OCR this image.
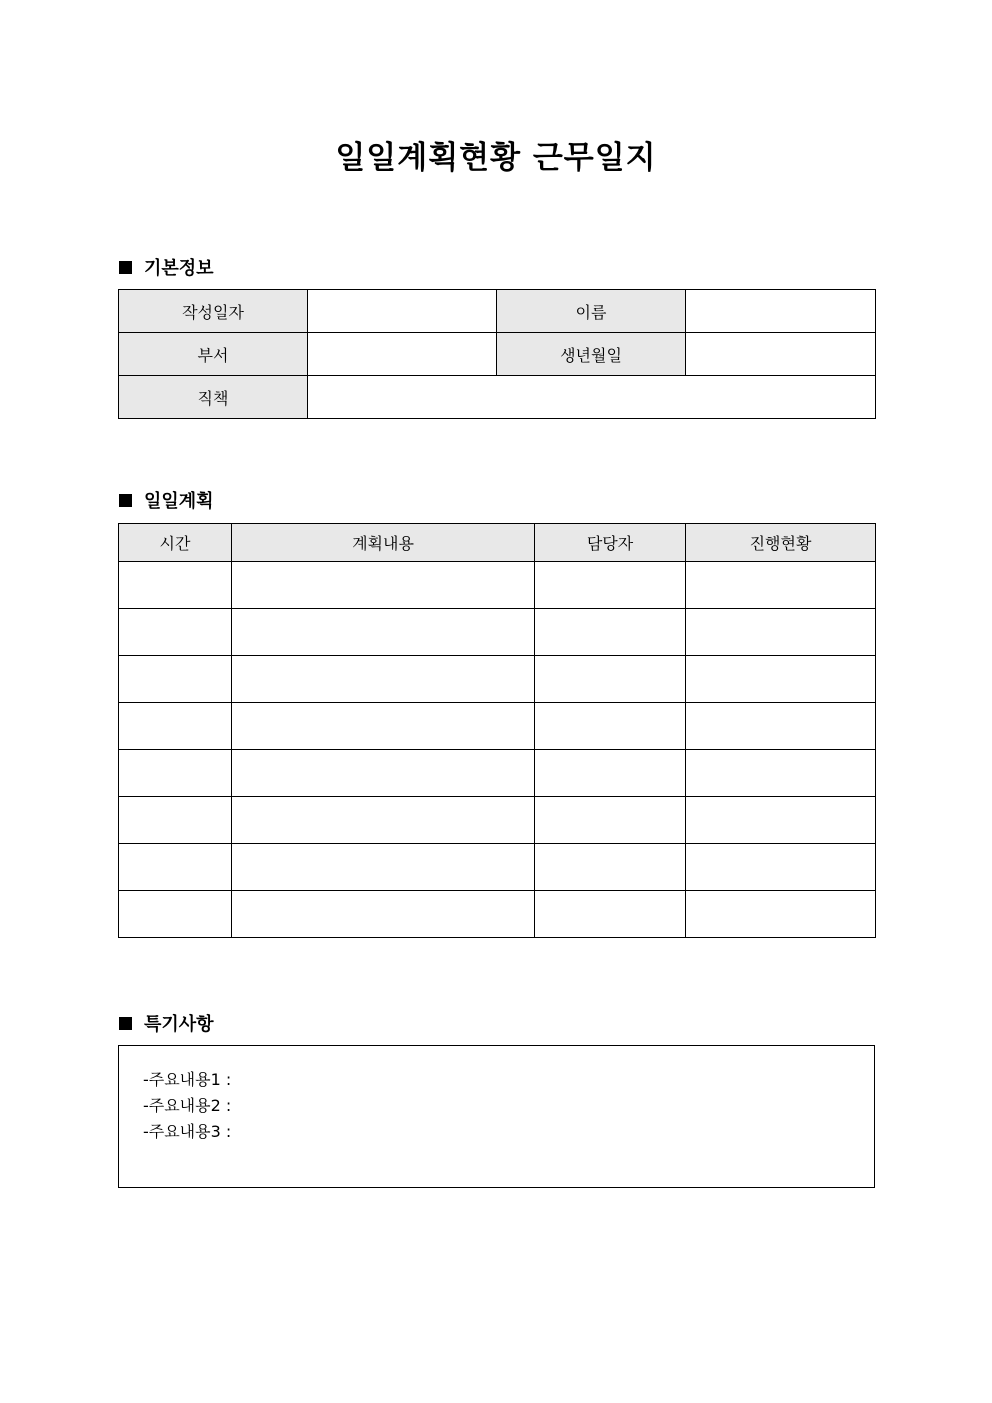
일일계획현황 근무일지
기본정보
작성일자		이름	
부서		생년월일	
직책			
일일계획
시간	계획내용	담당자	진행현황

특기사항
-주요내용1 :
-주요내용2 :
-주요내용3 :
